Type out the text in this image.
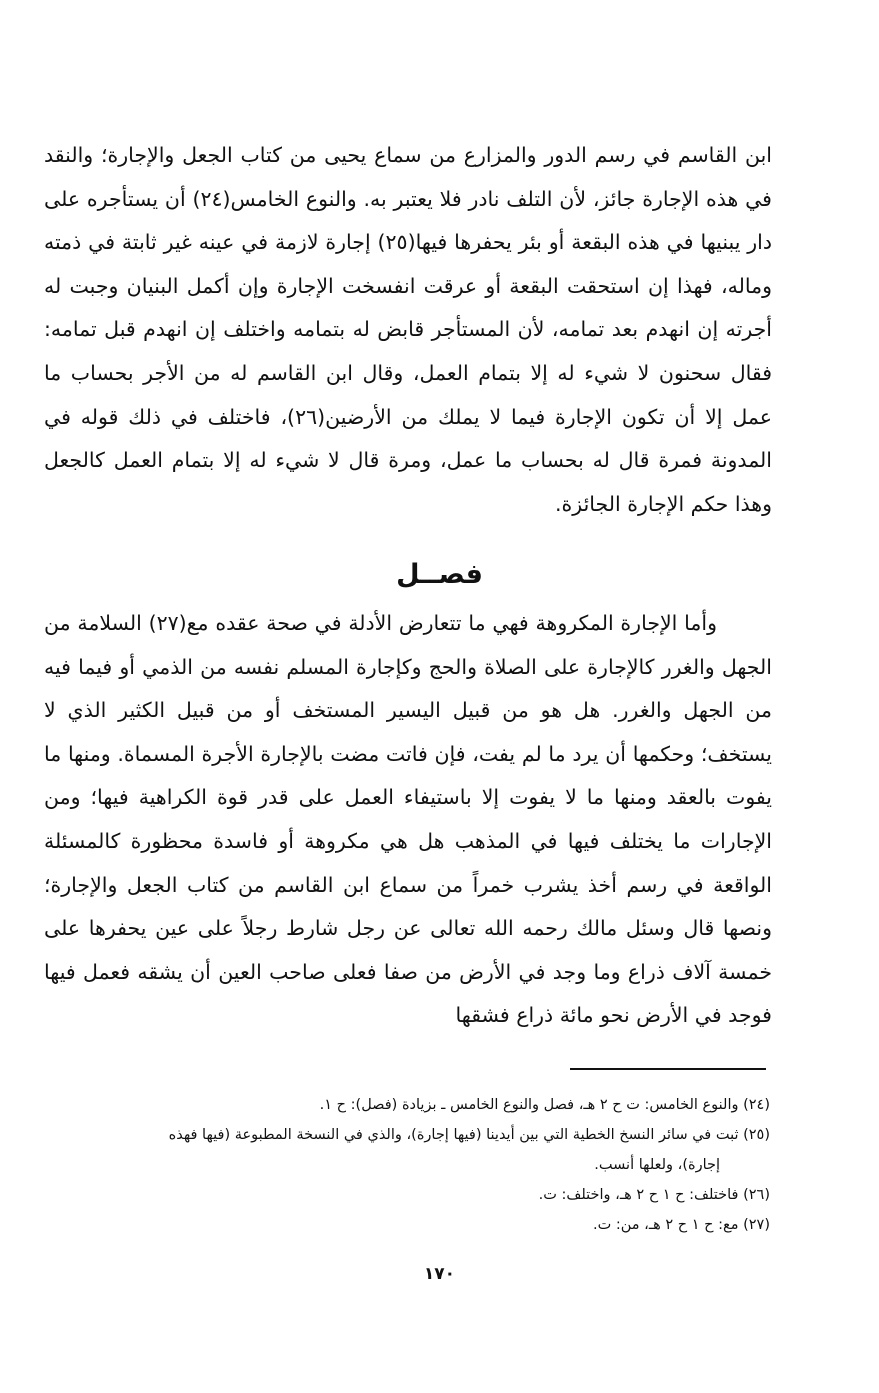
ابن القاسم في رسم الدور والمزارع من سماع يحيى من كتاب الجعل والإجارة؛ والنقد في هذه الإجارة جائز، لأن التلف نادر فلا يعتبر به. والنوع الخامس(٢٤) أن يستأجره على دار يبنيها في هذه البقعة أو بئر يحفرها فيها(٢٥) إجارة لازمة في عينه غير ثابتة في ذمته وماله، فهذا إن استحقت البقعة أو عرقت انفسخت الإجارة وإن أكمل البنيان وجبت له أجرته إن انهدم بعد تمامه، لأن المستأجر قابض له بتمامه واختلف إن انهدم قبل تمامه: فقال سحنون لا شيء له إلا بتمام العمل، وقال ابن القاسم له من الأجر بحساب ما عمل إلا أن تكون الإجارة فيما لا يملك من الأرضين(٢٦)، فاختلف في ذلك قوله في المدونة فمرة قال له بحساب ما عمل، ومرة قال لا شيء له إلا بتمام العمل كالجعل وهذا حكم الإجارة الجائزة.

فصــل

وأما الإجارة المكروهة فهي ما تتعارض الأدلة في صحة عقده مع(٢٧) السلامة من الجهل والغرر كالإجارة على الصلاة والحج وكإجارة المسلم نفسه من الذمي أو فيما فيه من الجهل والغرر. هل هو من قبيل اليسير المستخف أو من قبيل الكثير الذي لا يستخف؛ وحكمها أن يرد ما لم يفت، فإن فاتت مضت بالإجارة الأجرة المسماة. ومنها ما يفوت بالعقد ومنها ما لا يفوت إلا باستيفاء العمل على قدر قوة الكراهية فيها؛ ومن الإجارات ما يختلف فيها في المذهب هل هي مكروهة أو فاسدة محظورة كالمسئلة الواقعة في رسم أخذ يشرب خمراً من سماع ابن القاسم من كتاب الجعل والإجارة؛ ونصها قال وسئل مالك رحمه الله تعالى عن رجل شارط رجلاً على عين يحفرها على خمسة آلاف ذراع وما وجد في الأرض من صفا فعلى صاحب العين أن يشقه فعمل فيها فوجد في الأرض نحو مائة ذراع فشقها

(٢٤) والنوع الخامس: ت ح ٢ هـ، فصل والنوع الخامس ـ بزيادة (فصل): ح ١.

(٢٥) ثبت في سائر النسخ الخطية التي بين أيدينا (فيها إجارة)، والذي في النسخة المطبوعة (فيها فهذه

إجارة)، ولعلها أنسب.

(٢٦) فاختلف: ح ١ ح ٢ هـ، واختلف: ت.

(٢٧) مع: ح ١ ح ٢ هـ، من: ت.

١٧٠
